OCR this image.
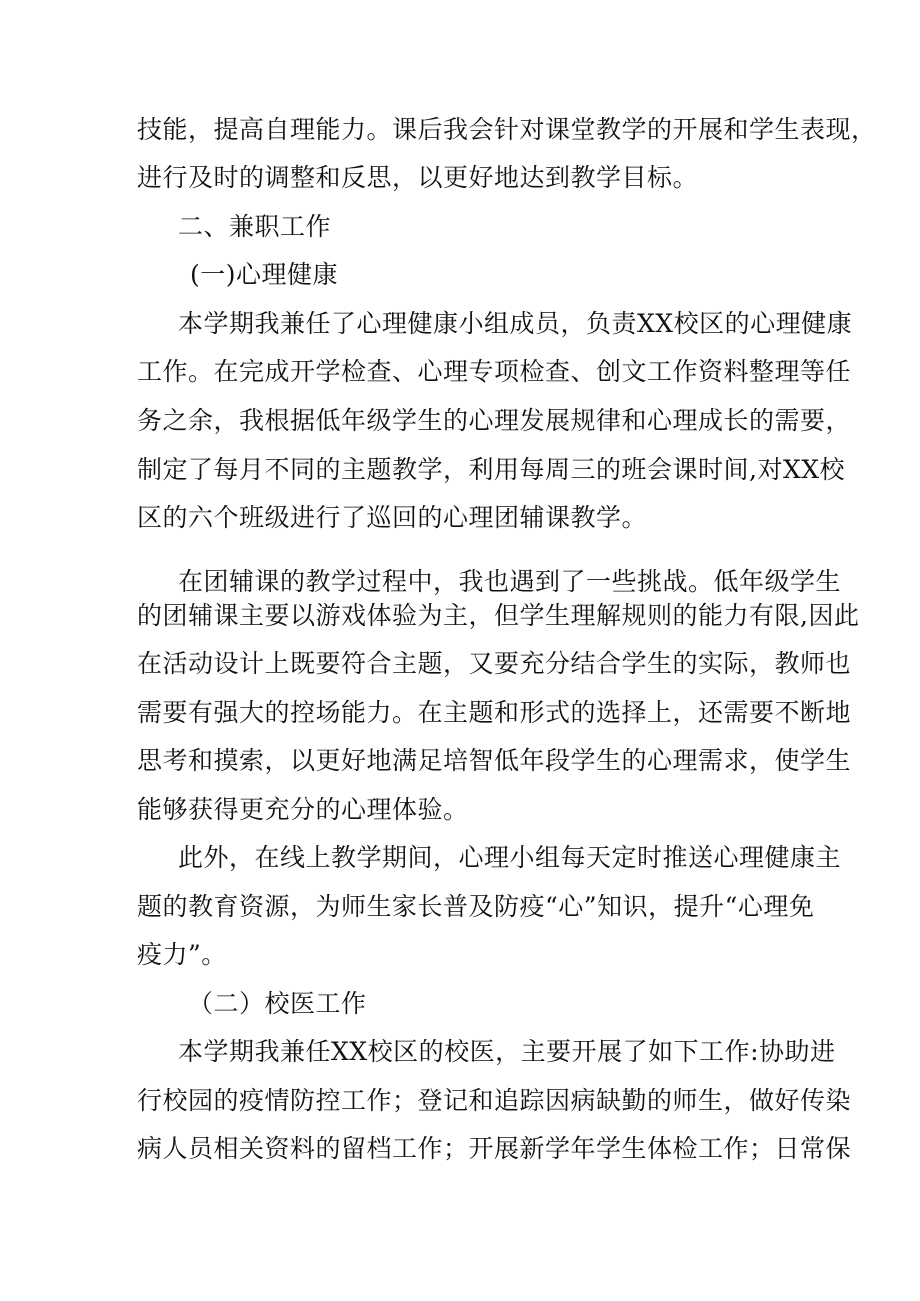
技能，提高自理能力。课后我会针对课堂教学的开展和学生表现，
进行及时的调整和反思，以更好地达到教学目标。
二、兼职工作
(一)心理健康
本学期我兼任了心理健康小组成员，负责XX校区的心理健康
工作。在完成开学检查、心理专项检查、创文工作资料整理等任
务之余，我根据低年级学生的心理发展规律和心理成长的需要，
制定了每月不同的主题教学，利用每周三的班会课时间,对XX校
区的六个班级进行了巡回的心理团辅课教学。
在团辅课的教学过程中，我也遇到了一些挑战。低年级学生
的团辅课主要以游戏体验为主，但学生理解规则的能力有限,因此
在活动设计上既要符合主题，又要充分结合学生的实际，教师也
需要有强大的控场能力。在主题和形式的选择上，还需要不断地
思考和摸索，以更好地满足培智低年段学生的心理需求，使学生
能够获得更充分的心理体验。
此外，在线上教学期间，心理小组每天定时推送心理健康主
题的教育资源，为师生家长普及防疫“心”知识，提升“心理免
疫力”。
（二）校医工作
本学期我兼任XX校区的校医，主要开展了如下工作:协助进
行校园的疫情防控工作；登记和追踪因病缺勤的师生，做好传染
病人员相关资料的留档工作；开展新学年学生体检工作；日常保
